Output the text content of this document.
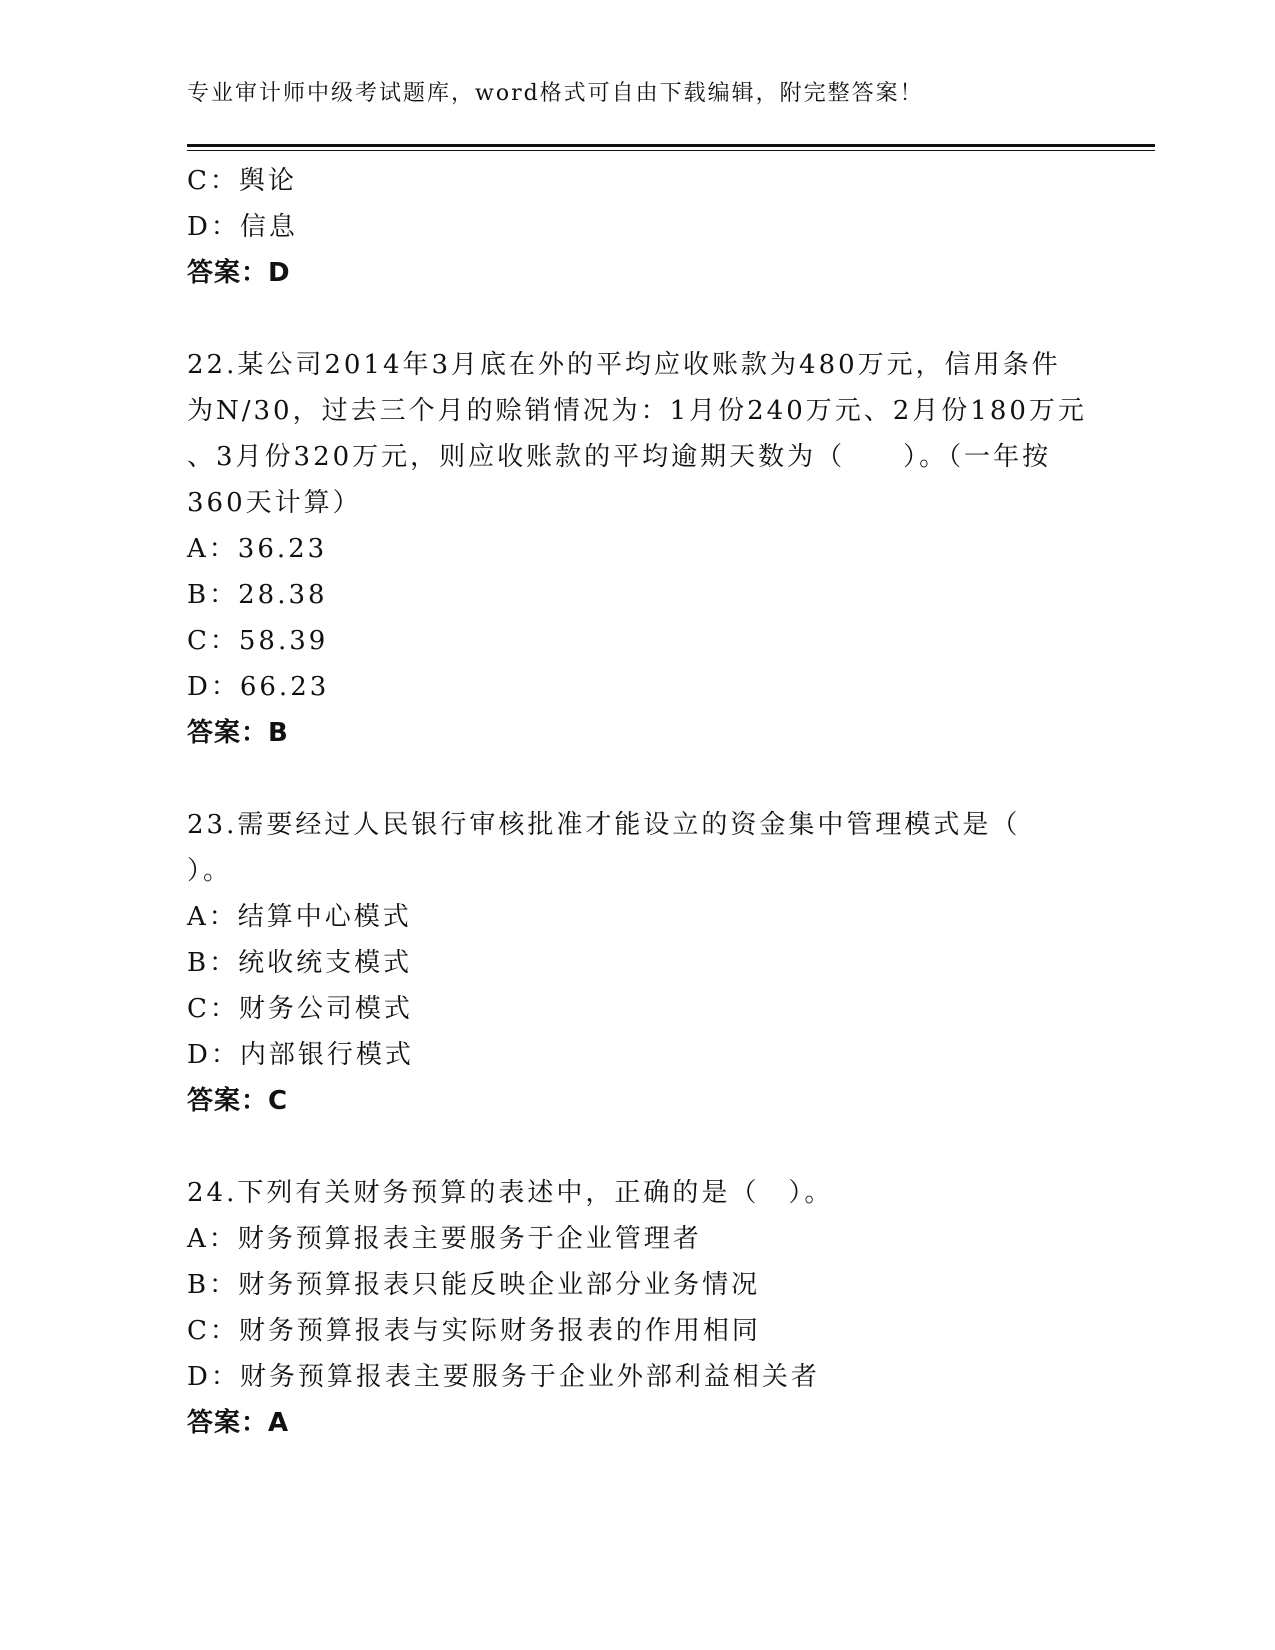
专业审计师中级考试题库，word格式可自由下载编辑，附完整答案！
C：舆论
D：信息
答案：D
22.某公司2014年3月底在外的平均应收账款为480万元，信用条件
为N/30，过去三个月的赊销情况为：1月份240万元、2月份180万元
、3月份320万元，则应收账款的平均逾期天数为（　　）。（一年按
360天计算）
A：36.23
B：28.38
C：58.39
D：66.23
答案：B
23.需要经过人民银行审核批准才能设立的资金集中管理模式是（
）。
A：结算中心模式
B：统收统支模式
C：财务公司模式
D：内部银行模式
答案：C
24.下列有关财务预算的表述中，正确的是（　）。
A：财务预算报表主要服务于企业管理者
B：财务预算报表只能反映企业部分业务情况
C：财务预算报表与实际财务报表的作用相同
D：财务预算报表主要服务于企业外部利益相关者
答案：A
